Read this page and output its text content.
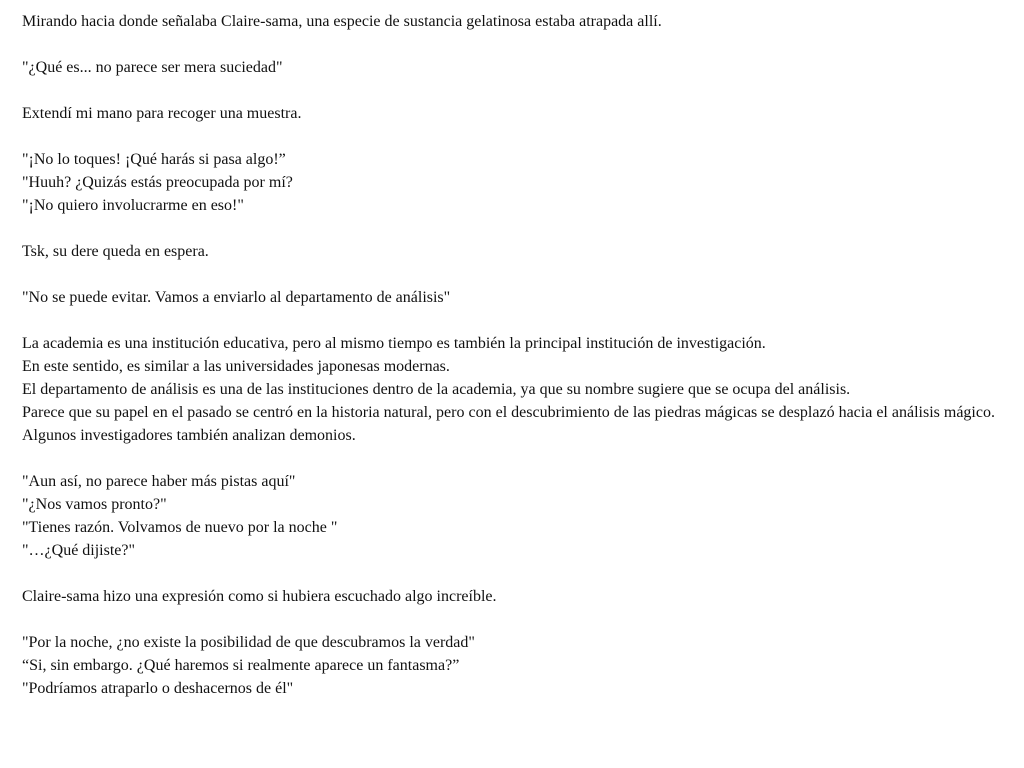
Mirando hacia donde señalaba Claire-sama, una especie de sustancia gelatinosa estaba atrapada allí.
"¿Qué es... no parece ser mera suciedad"
Extendí mi mano para recoger una muestra.
"¡No lo toques! ¡Qué harás si pasa algo!”
"Huuh? ¿Quizás estás preocupada por mí?
"¡No quiero involucrarme en eso!"
Tsk, su dere queda en espera.
"No se puede evitar. Vamos a enviarlo al departamento de análisis"
La academia es una institución educativa, pero al mismo tiempo es también la principal institución de investigación.
En este sentido, es similar a las universidades japonesas modernas.
El departamento de análisis es una de las instituciones dentro de la academia, ya que su nombre sugiere que se ocupa del análisis.
Parece que su papel en el pasado se centró en la historia natural, pero con el descubrimiento de las piedras mágicas se desplazó hacia el análisis mágico.
Algunos investigadores también analizan demonios.
"Aun así, no parece haber más pistas aquí"
"¿Nos vamos pronto?"
"Tienes razón. Volvamos de nuevo por la noche "
"…¿Qué dijiste?"
Claire-sama hizo una expresión como si hubiera escuchado algo increíble.
"Por la noche, ¿no existe la posibilidad de que descubramos la verdad"
“Si, sin embargo. ¿Qué haremos si realmente aparece un fantasma?”
"Podríamos atraparlo o deshacernos de él"
